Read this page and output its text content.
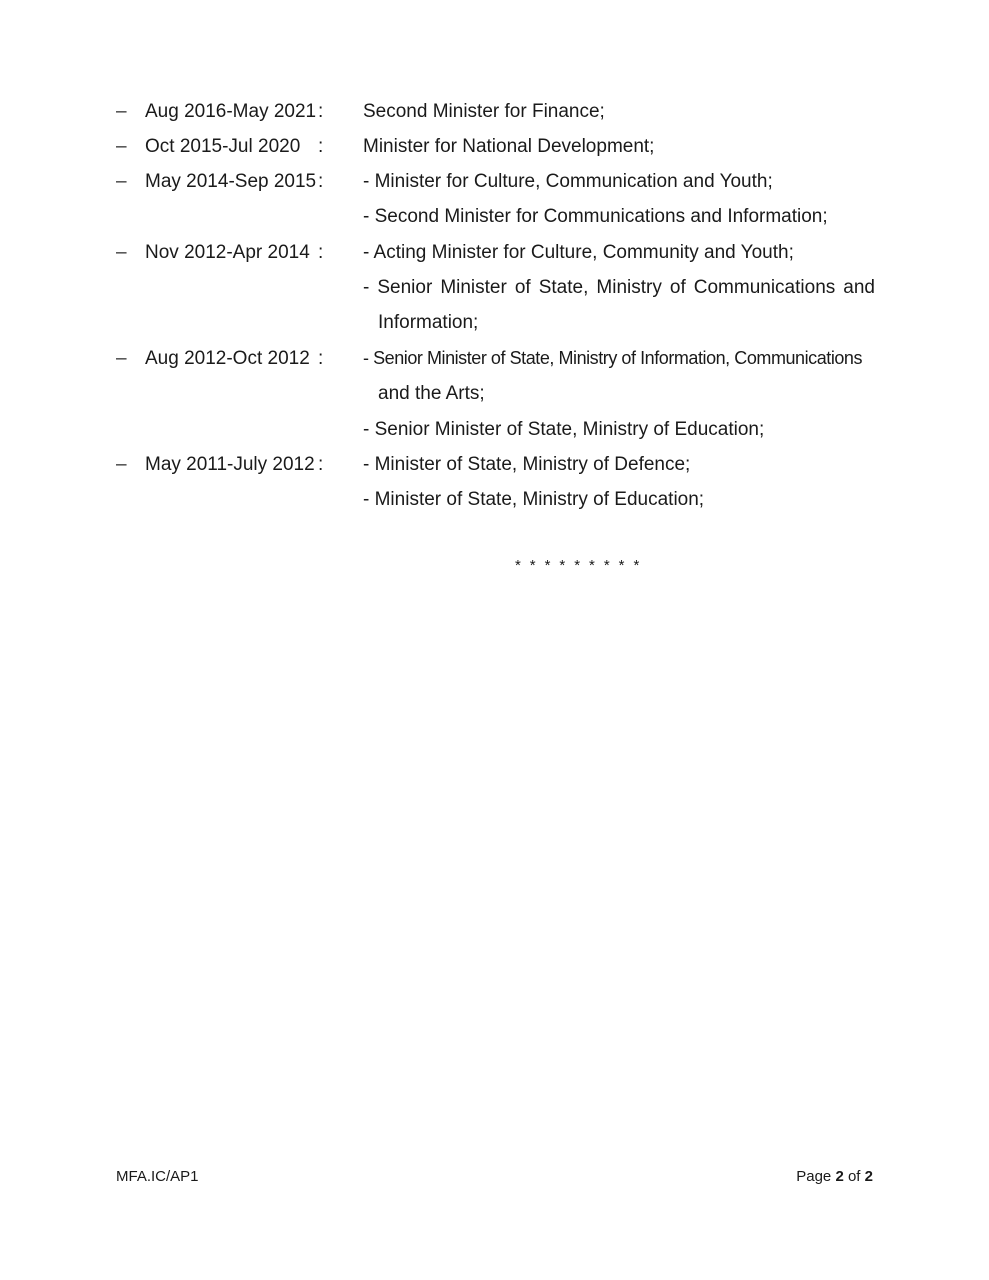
– Aug 2016-May 2021 : Second Minister for Finance;
– Oct 2015-Jul 2020 : Minister for National Development;
– May 2014-Sep 2015 : - Minister for Culture, Communication and Youth;
- Second Minister for Communications and Information;
– Nov 2012-Apr 2014 : - Acting Minister for Culture, Community and Youth;
- Senior Minister of State, Ministry of Communications and
Information;
– Aug 2012-Oct 2012 : - Senior Minister of State, Ministry of Information, Communications
and the Arts;
- Senior Minister of State, Ministry of Education;
– May 2011-July 2012 : - Minister of State, Ministry of Defence;
- Minister of State, Ministry of Education;
* * * * * * * * *
MFA.IC/AP1	Page 2 of 2
